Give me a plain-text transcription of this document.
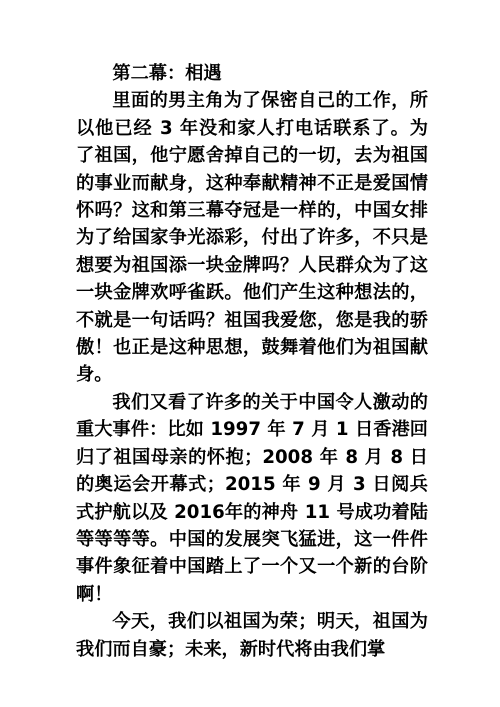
第二幕：相遇

里面的男主角为了保密自己的工作，所以他已经 3 年没和家人打电话联系了。为了祖国，他宁愿舍掉自己的一切，去为祖国的事业而献身，这种奉献精神不正是爱国情怀吗？这和第三幕夺冠是一样的，中国女排为了给国家争光添彩，付出了许多，不只是想要为祖国添一块金牌吗？人民群众为了这一块金牌欢呼雀跃。他们产生这种想法的，不就是一句话吗？祖国我爱您，您是我的骄傲！也正是这种思想，鼓舞着他们为祖国献身。

我们又看了许多的关于中国令人激动的重大事件：比如 1997 年 7 月 1 日香港回归了祖国母亲的怀抱；2008 年 8 月 8 日的奥运会开幕式；2015 年 9 月 3 日阅兵式护航以及 2016年的神舟 11 号成功着陆等等等等。中国的发展突飞猛进，这一件件事件象征着中国踏上了一个又一个新的台阶啊！

今天，我们以祖国为荣；明天，祖国为我们而自豪；未来，新时代将由我们掌
